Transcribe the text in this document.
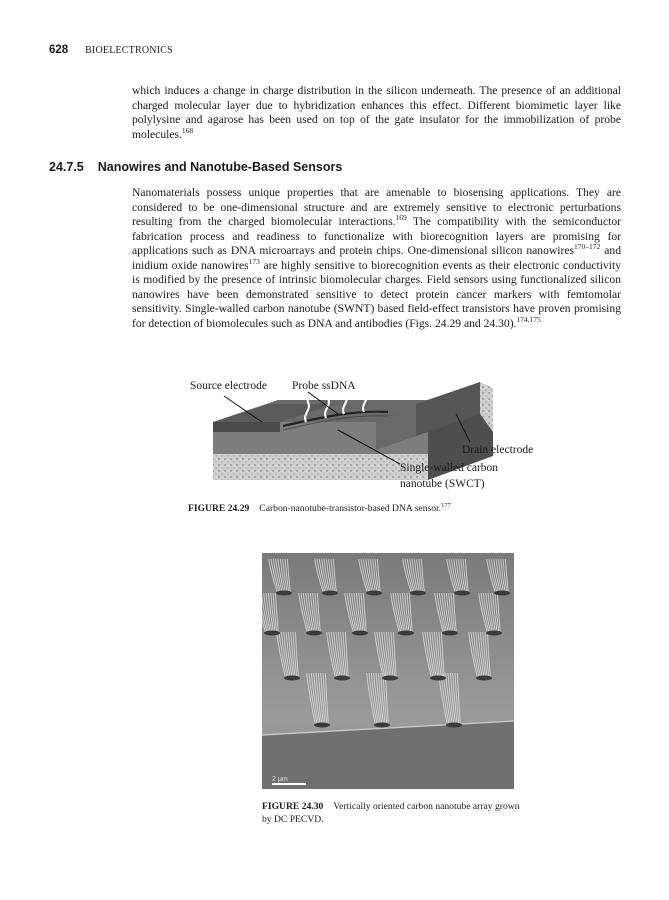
628 BIOELECTRONICS

which induces a change in charge distribution in the silicon underneath. The presence of an additional charged molecular layer due to hybridization enhances this effect. Different biomimetic layer like polylysine and agarose has been used on top of the gate insulator for the immobilization of probe molecules.$^{168}$

24.7.5 Nanowires and Nanotube-Based Sensors

Nanomaterials possess unique properties that are amenable to biosensing applications. They are considered to be one-dimensional structure and are extremely sensitive to electronic perturbations resulting from the charged biomolecular interactions.$^{169}$ The compatibility with the semiconductor fabrication process and readiness to functionalize with biorecognition layers are promising for applications such as DNA microarrays and protein chips. One-dimensional silicon nanowires$^{170-172}$ and inidium oxide nanowires$^{173}$ are highly sensitive to biorecognition events as their electronic conductivity is modified by the presence of intrinsic biomolecular charges. Field sensors using functionalized silicon nanowires have been demonstrated sensitive to detect protein cancer markers with femtomolar sensitivity. Single-walled carbon nanotube (SWNT) based field-effect transistors have proven promising for detection of biomolecules such as DNA and antibodies (Figs. 24.29 and 24.30).$^{174,175}$

Source electrode Probe ssDNA
Drain electrode
Single-walled carbon
nanotube (SWCT)
FIGURE 24.29 Carbon-nanotube-transistor-based DNA sensor.$^{177}$
2 μm
FIGURE 24.30 Vertically oriented carbon nanotube array grown by DC PECVD.
